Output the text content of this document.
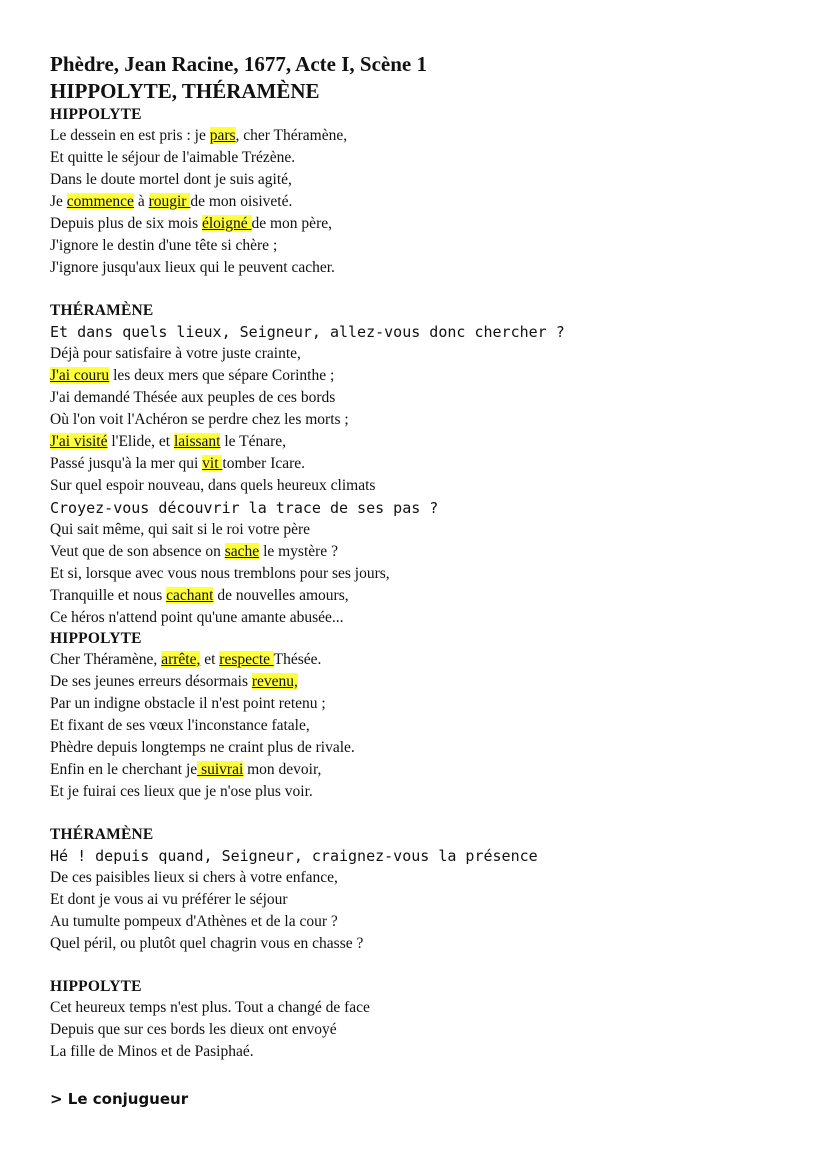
Phèdre, Jean Racine, 1677, Acte I, Scène 1
HIPPOLYTE, THÉRAMÈNE

HIPPOLYTE

Le dessein en est pris : je pars, cher Théramène,

Et quitte le séjour de l'aimable Trézène.

Dans le doute mortel dont je suis agité,

Je commence à rougir de mon oisiveté.

Depuis plus de six mois éloigné de mon père,

J'ignore le destin d'une tête si chère ;

J'ignore jusqu'aux lieux qui le peuvent cacher.

THÉRAMÈNE

Et dans quels lieux, Seigneur, allez-vous donc chercher ?

Déjà pour satisfaire à votre juste crainte,

J'ai couru les deux mers que sépare Corinthe ;

J'ai demandé Thésée aux peuples de ces bords

Où l'on voit l'Achéron se perdre chez les morts ;

J'ai visité l'Elide, et laissant le Ténare,

Passé jusqu'à la mer qui vit tomber Icare.

Sur quel espoir nouveau, dans quels heureux climats

Croyez-vous découvrir la trace de ses pas ?

Qui sait même, qui sait si le roi votre père

Veut que de son absence on sache le mystère ?

Et si, lorsque avec vous nous tremblons pour ses jours,

Tranquille et nous cachant de nouvelles amours,

Ce héros n'attend point qu'une amante abusée...

HIPPOLYTE

Cher Théramène, arrête, et respecte Thésée.

De ses jeunes erreurs désormais revenu,

Par un indigne obstacle il n'est point retenu ;

Et fixant de ses vœux l'inconstance fatale,

Phèdre depuis longtemps ne craint plus de rivale.

Enfin en le cherchant je suivrai mon devoir,

Et je fuirai ces lieux que je n'ose plus voir.

THÉRAMÈNE

Hé ! depuis quand, Seigneur, craignez-vous la présence

De ces paisibles lieux si chers à votre enfance,

Et dont je vous ai vu préférer le séjour

Au tumulte pompeux d'Athènes et de la cour ?

Quel péril, ou plutôt quel chagrin vous en chasse ?

HIPPOLYTE

Cet heureux temps n'est plus. Tout a changé de face

Depuis que sur ces bords les dieux ont envoyé

La fille de Minos et de Pasiphaé.

> Le conjugueur
